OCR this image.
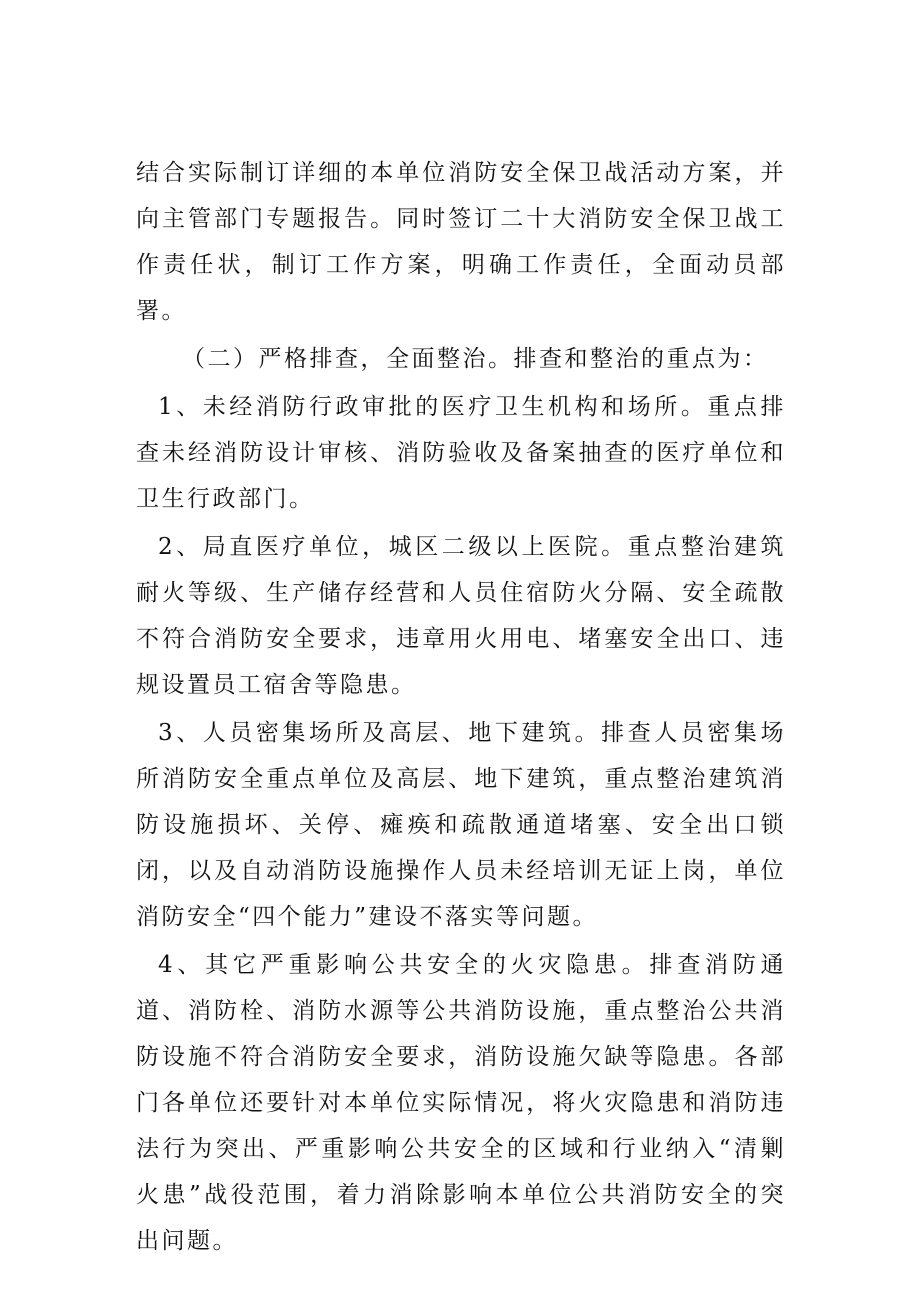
结合实际制订详细的本单位消防安全保卫战活动方案，并向主管部门专题报告。同时签订二十大消防安全保卫战工作责任状，制订工作方案，明确工作责任，全面动员部署。

（二）严格排查，全面整治。排查和整治的重点为：

1、未经消防行政审批的医疗卫生机构和场所。重点排查未经消防设计审核、消防验收及备案抽查的医疗单位和卫生行政部门。

2、局直医疗单位，城区二级以上医院。重点整治建筑耐火等级、生产储存经营和人员住宿防火分隔、安全疏散不符合消防安全要求，违章用火用电、堵塞安全出口、违规设置员工宿舍等隐患。

3、人员密集场所及高层、地下建筑。排查人员密集场所消防安全重点单位及高层、地下建筑，重点整治建筑消防设施损坏、关停、瘫痪和疏散通道堵塞、安全出口锁闭，以及自动消防设施操作人员未经培训无证上岗，单位消防安全“四个能力”建设不落实等问题。

4、其它严重影响公共安全的火灾隐患。排查消防通道、消防栓、消防水源等公共消防设施，重点整治公共消防设施不符合消防安全要求，消防设施欠缺等隐患。各部门各单位还要针对本单位实际情况，将火灾隐患和消防违法行为突出、严重影响公共安全的区域和行业纳入“清剿火患”战役范围，着力消除影响本单位公共消防安全的突出问题。
